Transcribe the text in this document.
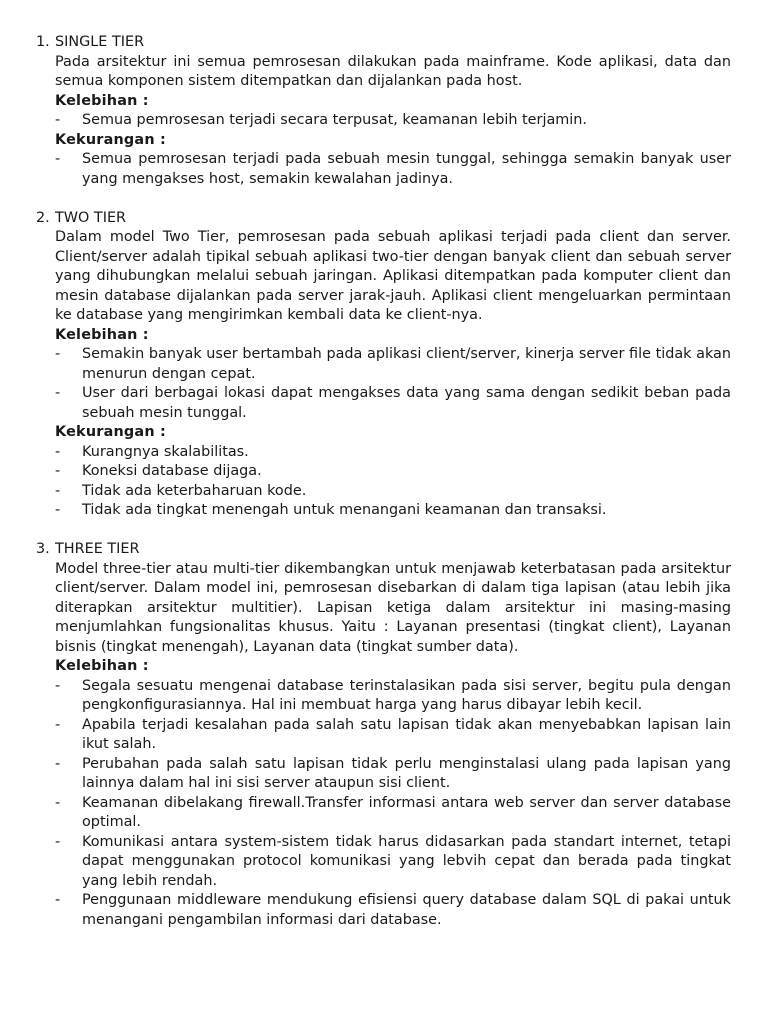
1. SINGLE TIER
Pada arsitektur ini semua pemrosesan dilakukan pada mainframe. Kode aplikasi, data dan semua komponen sistem ditempatkan dan dijalankan pada host.
Kelebihan :
-	Semua pemrosesan terjadi secara terpusat, keamanan lebih terjamin.
Kekurangan :
-	Semua pemrosesan terjadi pada sebuah mesin tunggal, sehingga semakin banyak user yang mengakses host, semakin kewalahan jadinya.
2. TWO TIER
Dalam model Two Tier, pemrosesan pada sebuah aplikasi terjadi pada client dan server. Client/server adalah tipikal sebuah aplikasi two-tier dengan banyak client dan sebuah server yang dihubungkan melalui sebuah jaringan. Aplikasi ditempatkan pada komputer client dan mesin database dijalankan pada server jarak-jauh. Aplikasi client mengeluarkan permintaan ke database yang mengirimkan kembali data ke client-nya.
Kelebihan :
-	Semakin banyak user bertambah pada aplikasi client/server, kinerja server file tidak akan menurun dengan cepat.
-	User dari berbagai lokasi dapat mengakses data yang sama dengan sedikit beban pada sebuah mesin tunggal.
Kekurangan :
-	Kurangnya skalabilitas.
-	Koneksi database dijaga.
-	Tidak ada keterbaharuan kode.
-	Tidak ada tingkat menengah untuk menangani keamanan dan transaksi.
3. THREE TIER
Model three-tier atau multi-tier dikembangkan untuk menjawab keterbatasan pada arsitektur client/server. Dalam model ini, pemrosesan disebarkan di dalam tiga lapisan (atau lebih jika diterapkan arsitektur multitier). Lapisan ketiga dalam arsitektur ini masing-masing menjumlahkan fungsionalitas khusus. Yaitu : Layanan presentasi (tingkat client), Layanan bisnis (tingkat menengah), Layanan data (tingkat sumber data).
Kelebihan :
-	Segala sesuatu mengenai database terinstalasikan pada sisi server, begitu pula dengan pengkonfigurasiannya. Hal ini membuat harga yang harus dibayar lebih kecil.
-	Apabila terjadi kesalahan pada salah satu lapisan tidak akan menyebabkan lapisan lain ikut salah.
-	Perubahan pada salah satu lapisan tidak perlu menginstalasi ulang pada lapisan yang lainnya dalam hal ini sisi server ataupun sisi client.
-	Keamanan dibelakang firewall.Transfer informasi antara web server dan server database optimal.
-	Komunikasi antara system-sistem tidak harus didasarkan pada standart internet, tetapi dapat menggunakan protocol komunikasi yang lebvih cepat dan berada pada tingkat yang lebih rendah.
-	Penggunaan middleware mendukung efisiensi query database dalam SQL di pakai untuk menangani pengambilan informasi dari database.
